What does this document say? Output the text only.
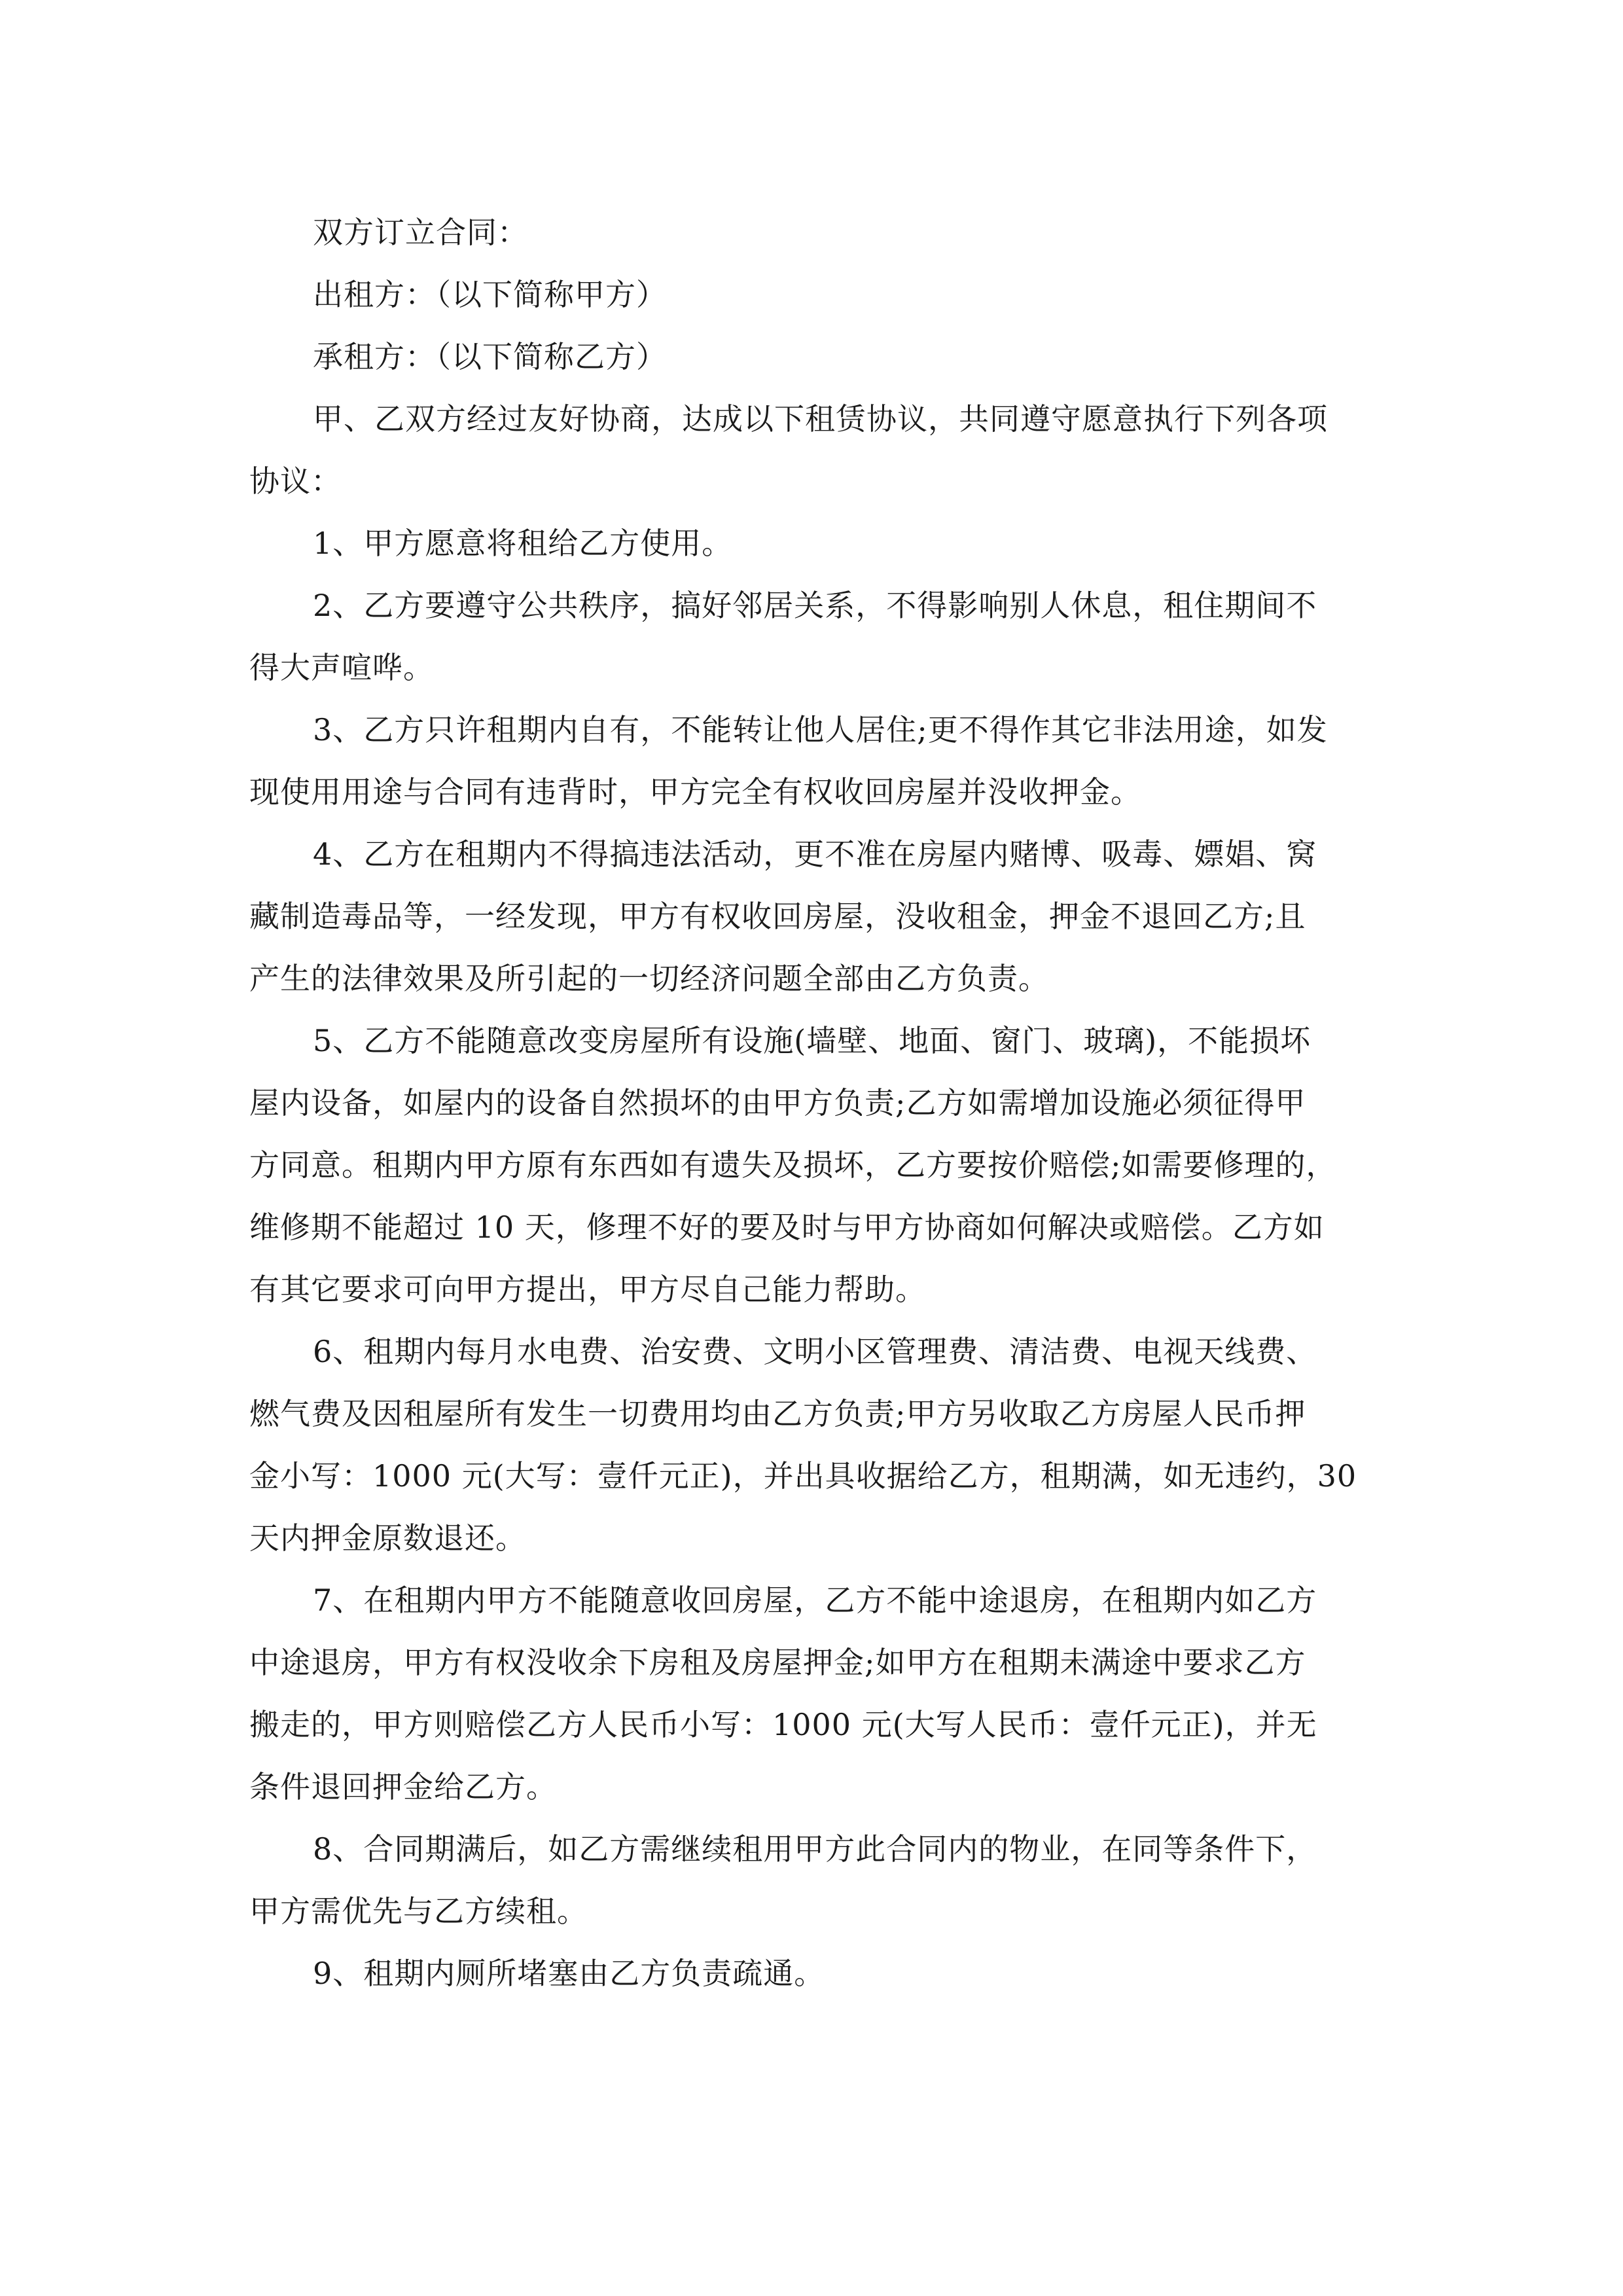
双方订立合同：
出租方：（以下简称甲方）
承租方：（以下简称乙方）
甲、乙双方经过友好协商，达成以下租赁协议，共同遵守愿意执行下列各项
协议：
1、甲方愿意将租给乙方使用。
2、乙方要遵守公共秩序，搞好邻居关系，不得影响别人休息，租住期间不
得大声喧哗。
3、乙方只许租期内自有，不能转让他人居住;更不得作其它非法用途，如发
现使用用途与合同有违背时，甲方完全有权收回房屋并没收押金。
4、乙方在租期内不得搞违法活动，更不准在房屋内赌博、吸毒、嫖娼、窝
藏制造毒品等，一经发现，甲方有权收回房屋，没收租金，押金不退回乙方;且
产生的法律效果及所引起的一切经济问题全部由乙方负责。
5、乙方不能随意改变房屋所有设施(墙壁、地面、窗门、玻璃)，不能损坏
屋内设备，如屋内的设备自然损坏的由甲方负责;乙方如需增加设施必须征得甲
方同意。租期内甲方原有东西如有遗失及损坏，乙方要按价赔偿;如需要修理的，
维修期不能超过 10 天，修理不好的要及时与甲方协商如何解决或赔偿。乙方如
有其它要求可向甲方提出，甲方尽自己能力帮助。
6、租期内每月水电费、治安费、文明小区管理费、清洁费、电视天线费、
燃气费及因租屋所有发生一切费用均由乙方负责;甲方另收取乙方房屋人民币押
金小写：1000 元(大写：壹仟元正)，并出具收据给乙方，租期满，如无违约，30
天内押金原数退还。
7、在租期内甲方不能随意收回房屋，乙方不能中途退房，在租期内如乙方
中途退房，甲方有权没收余下房租及房屋押金;如甲方在租期未满途中要求乙方
搬走的，甲方则赔偿乙方人民币小写：1000 元(大写人民币：壹仟元正)，并无
条件退回押金给乙方。
8、合同期满后，如乙方需继续租用甲方此合同内的物业，在同等条件下，
甲方需优先与乙方续租。
9、租期内厕所堵塞由乙方负责疏通。
